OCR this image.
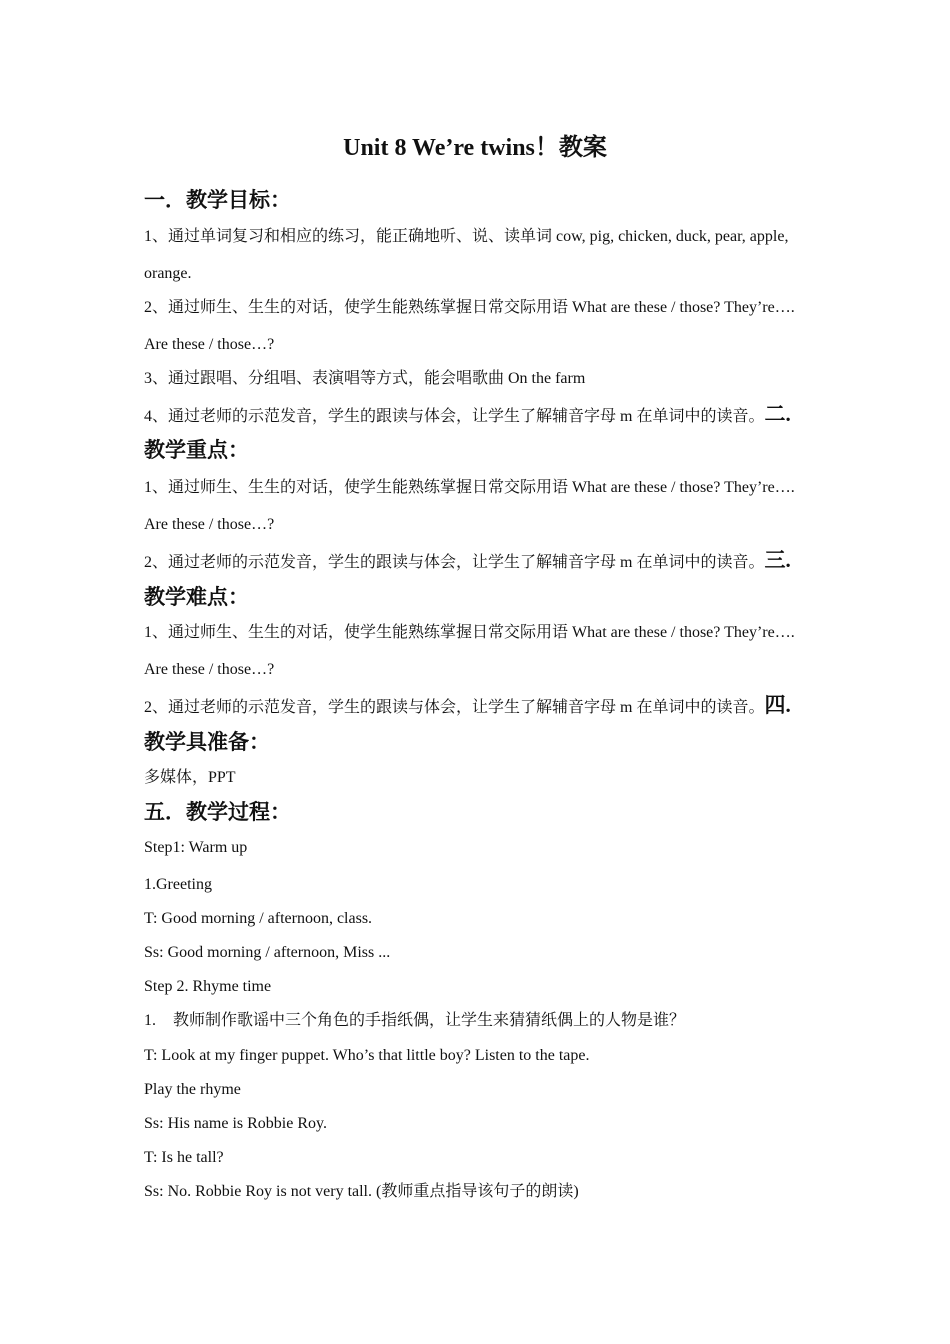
Unit 8 We’re twins！教案
一．教学目标：
1、通过单词复习和相应的练习，能正确地听、说、读单词 cow, pig, chicken, duck, pear, apple,
orange.
2、通过师生、生生的对话，使学生能熟练掌握日常交际用语 What are these / those? They’re….
Are these / those…?
3、通过跟唱、分组唱、表演唱等方式，能会唱歌曲 On the farm
4、通过老师的示范发音，学生的跟读与体会，让学生了解辅音字母 m 在单词中的读音。二.
教学重点：
1、通过师生、生生的对话，使学生能熟练掌握日常交际用语 What are these / those? They’re….
Are these / those…?
2、通过老师的示范发音，学生的跟读与体会，让学生了解辅音字母 m 在单词中的读音。三.
教学难点：
1、通过师生、生生的对话，使学生能熟练掌握日常交际用语 What are these / those? They’re….
Are these / those…?
2、通过老师的示范发音，学生的跟读与体会，让学生了解辅音字母 m 在单词中的读音。四.
教学具准备：
多媒体，PPT
五．教学过程：
Step1: Warm up
1.Greeting
T: Good morning / afternoon, class.
Ss: Good morning / afternoon, Miss ...
Step 2. Rhyme time
1. 教师制作歌谣中三个角色的手指纸偶，让学生来猜猜纸偶上的人物是谁？
T: Look at my finger puppet. Who’s that little boy? Listen to the tape.
Play the rhyme
Ss: His name is Robbie Roy.
T: Is he tall?
Ss: No. Robbie Roy is not very tall. (教师重点指导该句子的朗读)
